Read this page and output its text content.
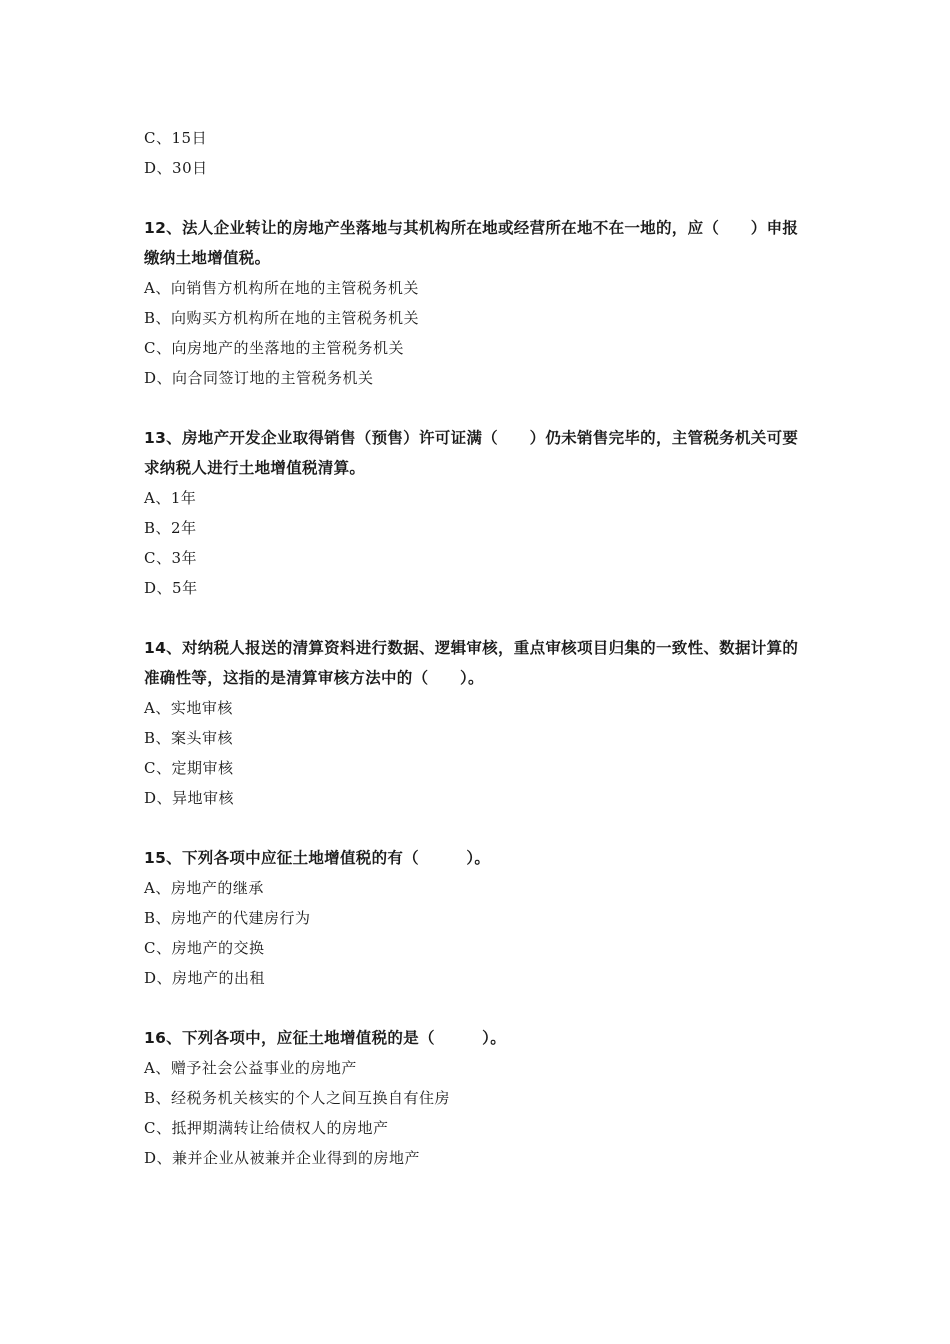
C、15日
D、30日
12、法人企业转让的房地产坐落地与其机构所在地或经营所在地不在一地的，应（　　）申报缴纳土地增值税。
A、向销售方机构所在地的主管税务机关
B、向购买方机构所在地的主管税务机关
C、向房地产的坐落地的主管税务机关
D、向合同签订地的主管税务机关
13、房地产开发企业取得销售（预售）许可证满（　　）仍未销售完毕的，主管税务机关可要求纳税人进行土地增值税清算。
A、1年
B、2年
C、3年
D、5年
14、对纳税人报送的清算资料进行数据、逻辑审核，重点审核项目归集的一致性、数据计算的准确性等，这指的是清算审核方法中的（　　）。
A、实地审核
B、案头审核
C、定期审核
D、异地审核
15、下列各项中应征土地增值税的有（　　　）。
A、房地产的继承
B、房地产的代建房行为
C、房地产的交换
D、房地产的出租
16、下列各项中，应征土地增值税的是（　　　）。
A、赠予社会公益事业的房地产
B、经税务机关核实的个人之间互换自有住房
C、抵押期满转让给债权人的房地产
D、兼并企业从被兼并企业得到的房地产
